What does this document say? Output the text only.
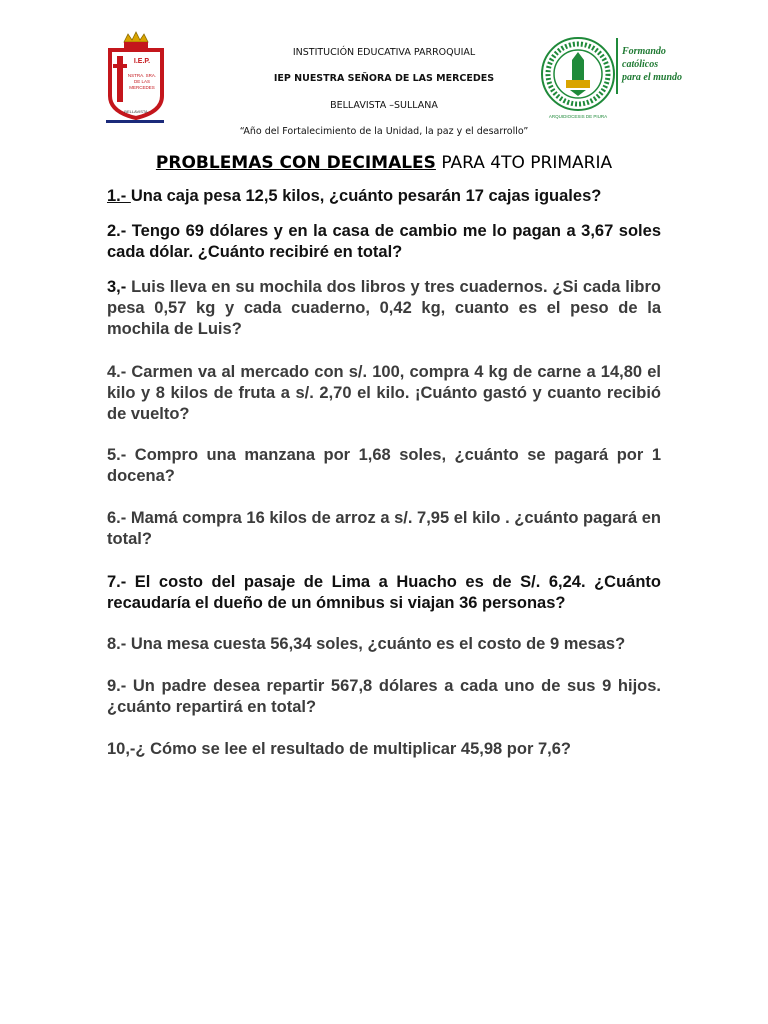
I.E.P.
NSTRA. SRA.
DE LAS
MERCEDES
BELLAVISTA
INSTITUCIÓN EDUCATIVA PARROQUIAL
IEP NUESTRA SEÑORA DE LAS MERCEDES
BELLAVISTA –SULLANA
“Año del Fortalecimiento de la Unidad, la paz y el desarrollo”
ARQUIDIOCESIS DE PIURA
Formando
católicos
para el mundo
PROBLEMAS CON DECIMALES PARA 4TO PRIMARIA
1.- Una caja pesa 12,5 kilos, ¿cuánto pesarán 17 cajas iguales?
2.- Tengo 69 dólares y en la casa de cambio me lo pagan a 3,67 soles cada dólar. ¿Cuánto recibiré en total?
3,- Luis lleva en su mochila dos libros y tres cuadernos. ¿Si cada libro pesa 0,57 kg y cada cuaderno, 0,42 kg, cuanto es el peso de la mochila de Luis?
4.- Carmen va al mercado con s/. 100, compra 4 kg de carne a 14,80 el kilo y 8 kilos de fruta a s/. 2,70 el kilo. ¡Cuánto gastó y cuanto recibió de vuelto?
5.- Compro una manzana por 1,68 soles, ¿cuánto se pagará por 1 docena?
6.- Mamá compra 16 kilos de arroz a s/. 7,95 el kilo . ¿cuánto pagará en total?
7.- El costo del pasaje de Lima a Huacho es de S/. 6,24. ¿Cuánto recaudaría el dueño de un ómnibus si viajan 36 personas?
8.- Una mesa cuesta 56,34 soles, ¿cuánto es el costo de 9 mesas?
9.- Un padre desea repartir 567,8 dólares a cada uno de sus 9 hijos. ¿cuánto repartirá en total?
10,-¿ Cómo se lee el resultado de multiplicar 45,98 por 7,6?
